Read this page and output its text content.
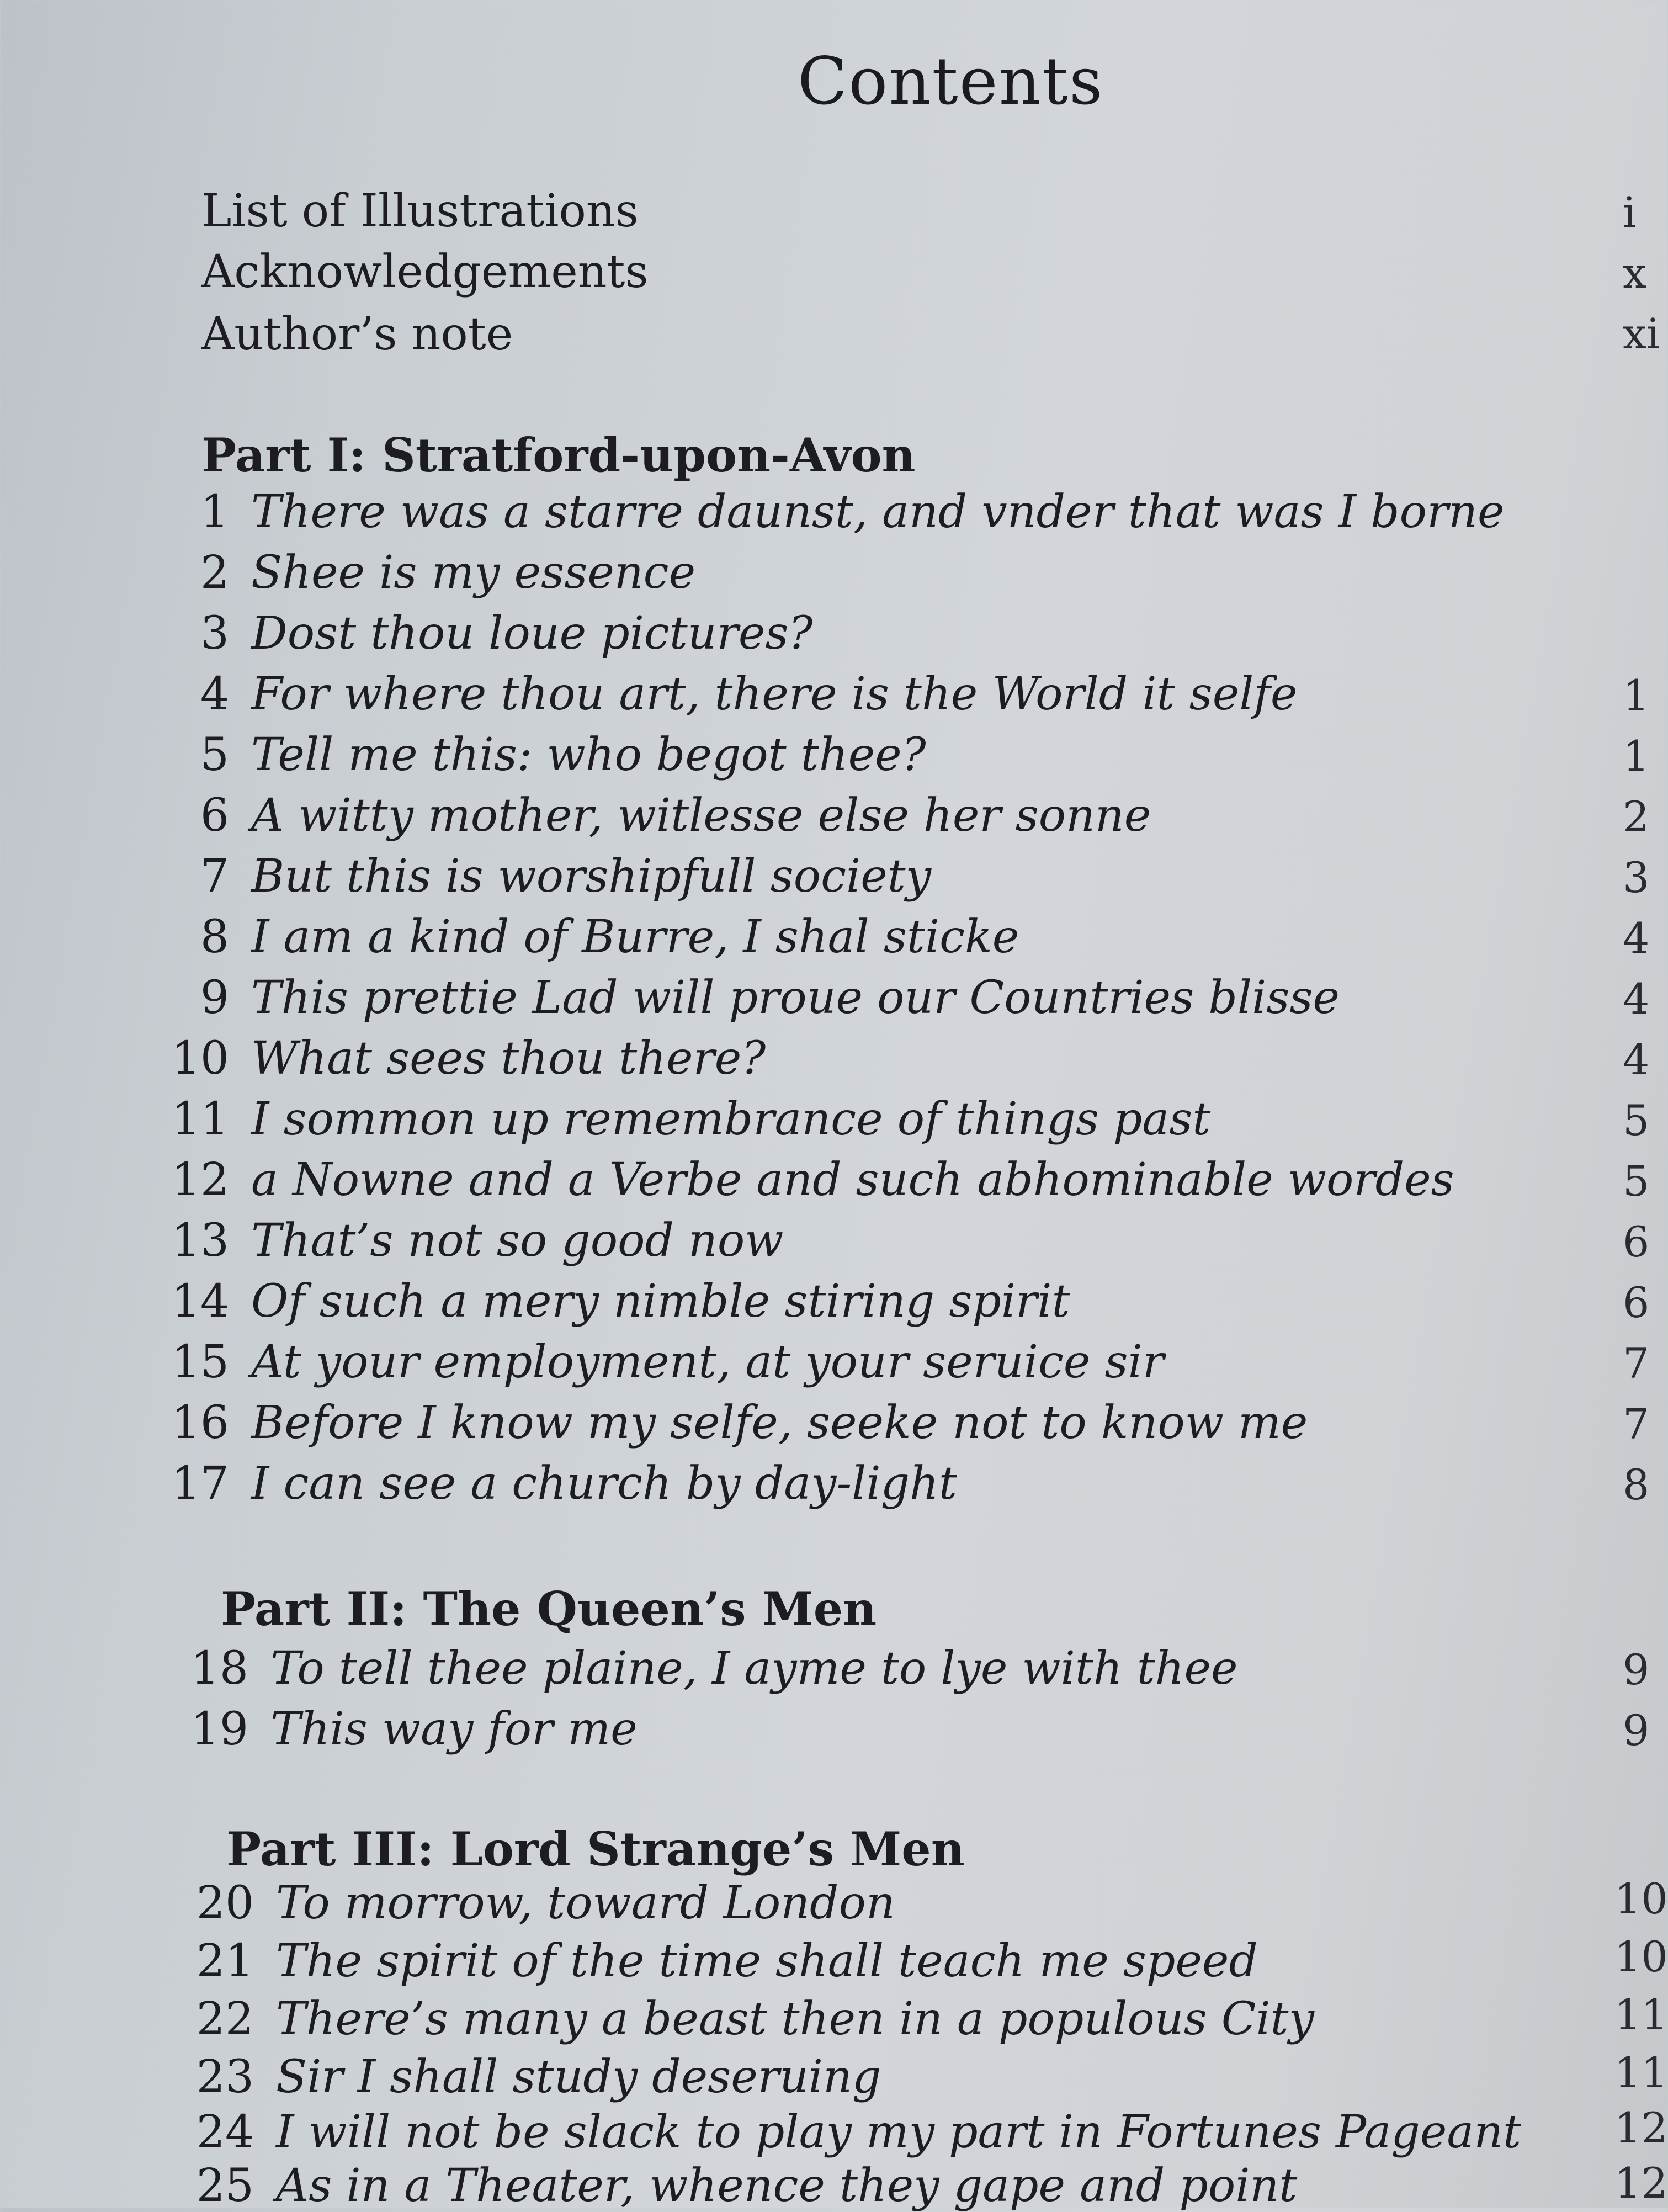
Contents
List of Illustrations	i
Acknowledgements	x
Author’s note	xi
Part I: Stratford-upon-Avon
1 There was a starre daunst, and vnder that was I borne
2 Shee is my essence
3 Dost thou loue pictures?
4 For where thou art, there is the World it selfe	1
5 Tell me this: who begot thee?	1
6 A witty mother, witlesse else her sonne	2
7 But this is worshipfull society	3
8 I am a kind of Burre, I shal sticke	4
9 This prettie Lad will proue our Countries blisse	4
10 What sees thou there?	4
11 I sommon up remembrance of things past	5
12 a Nowne and a Verbe and such abhominable wordes	5
13 That’s not so good now	6
14 Of such a mery nimble stiring spirit	6
15 At your employment, at your seruice sir	7
16 Before I know my selfe, seeke not to know me	7
17 I can see a church by day-light	8
Part II: The Queen’s Men
18 To tell thee plaine, I ayme to lye with thee	9
19 This way for me	9
Part III: Lord Strange’s Men
20 To morrow, toward London	10
21 The spirit of the time shall teach me speed	10
22 There’s many a beast then in a populous City	11
23 Sir I shall study deseruing	11
24 I will not be slack to play my part in Fortunes Pageant 12
25 As in a Theater, whence they gape and point	12
